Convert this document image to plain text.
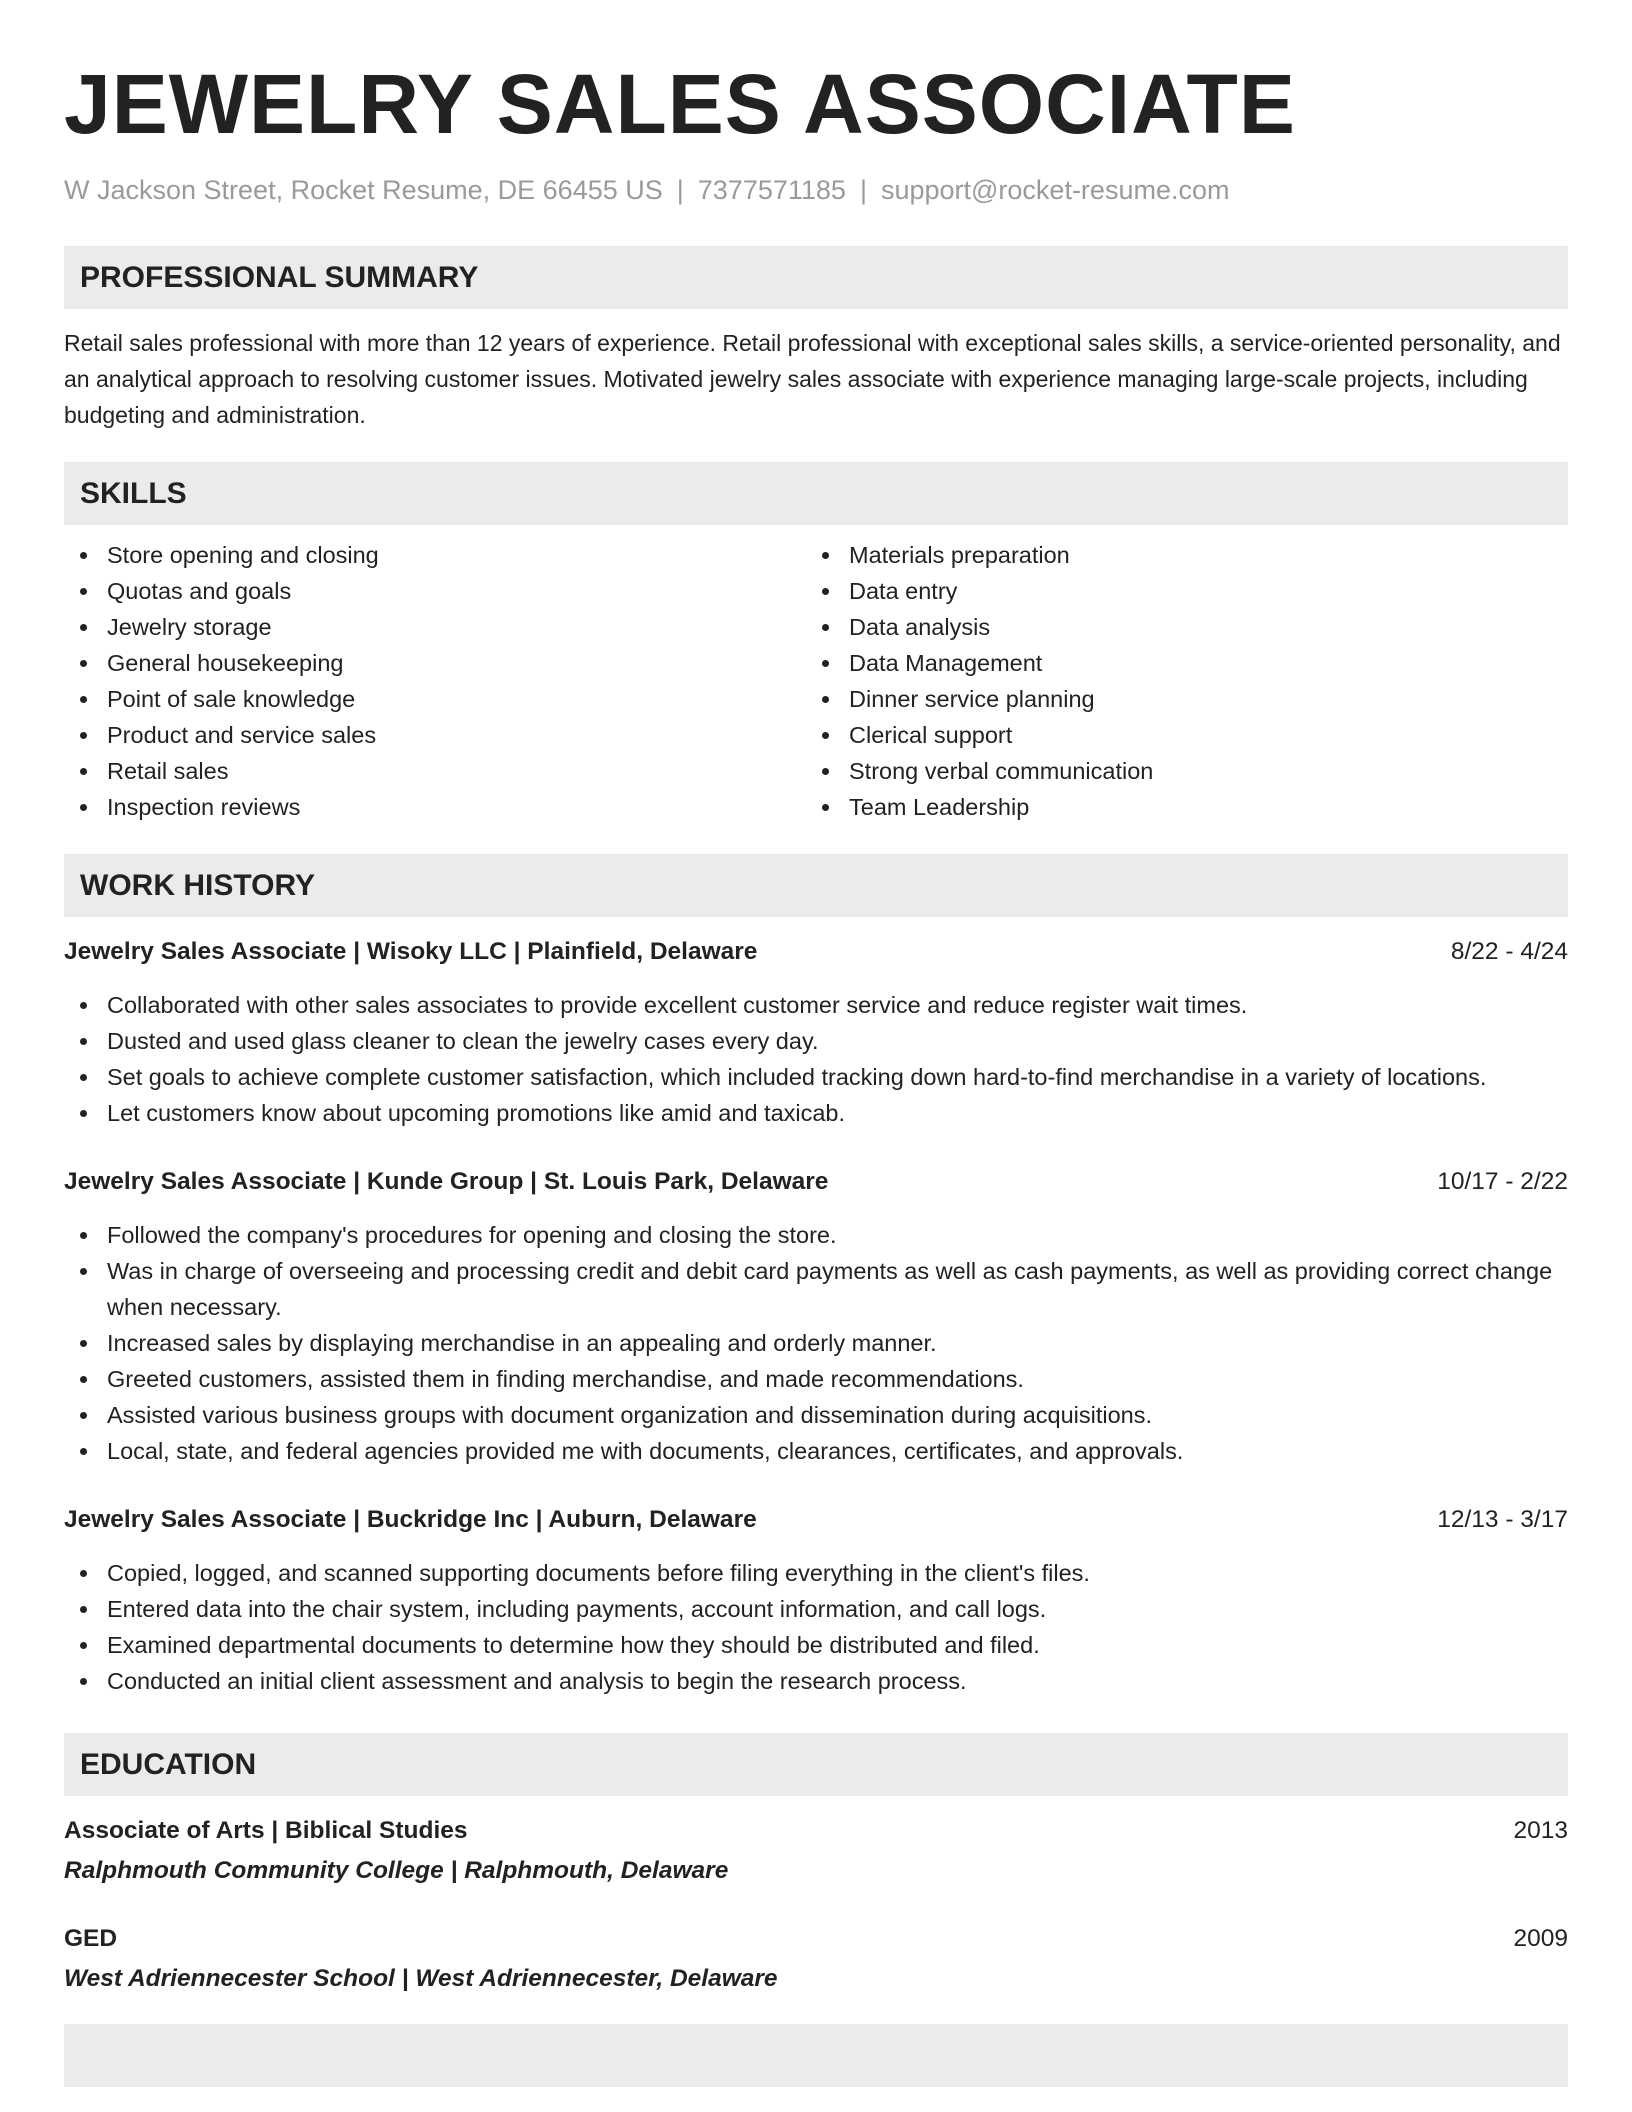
JEWELRY SALES ASSOCIATE
W Jackson Street, Rocket Resume, DE 66455 US | 7377571185 | support@rocket-resume.com
PROFESSIONAL SUMMARY

Retail sales professional with more than 12 years of experience. Retail professional with exceptional sales skills, a service-oriented personality, and an analytical approach to resolving customer issues. Motivated jewelry sales associate with experience managing large-scale projects, including budgeting and administration.

SKILLS
Store opening and closing
Quotas and goals
Jewelry storage
General housekeeping
Point of sale knowledge
Product and service sales
Retail sales
Inspection reviews
Materials preparation
Data entry
Data analysis
Data Management
Dinner service planning
Clerical support
Strong verbal communication
Team Leadership
WORK HISTORY
Jewelry Sales Associate | Wisoky LLC | Plainfield, Delaware	8/22 - 4/24
Collaborated with other sales associates to provide excellent customer service and reduce register wait times.
Dusted and used glass cleaner to clean the jewelry cases every day.
Set goals to achieve complete customer satisfaction, which included tracking down hard-to-find merchandise in a variety of locations.
Let customers know about upcoming promotions like amid and taxicab.
Jewelry Sales Associate | Kunde Group | St. Louis Park, Delaware	10/17 - 2/22
Followed the company's procedures for opening and closing the store.
Was in charge of overseeing and processing credit and debit card payments as well as cash payments, as well as providing correct change when necessary.
Increased sales by displaying merchandise in an appealing and orderly manner.
Greeted customers, assisted them in finding merchandise, and made recommendations.
Assisted various business groups with document organization and dissemination during acquisitions.
Local, state, and federal agencies provided me with documents, clearances, certificates, and approvals.
Jewelry Sales Associate | Buckridge Inc | Auburn, Delaware	12/13 - 3/17
Copied, logged, and scanned supporting documents before filing everything in the client's files.
Entered data into the chair system, including payments, account information, and call logs.
Examined departmental documents to determine how they should be distributed and filed.
Conducted an initial client assessment and analysis to begin the research process.
EDUCATION
Associate of Arts | Biblical Studies	2013
Ralphmouth Community College | Ralphmouth, Delaware
GED	2009
West Adriennecester School | West Adriennecester, Delaware
